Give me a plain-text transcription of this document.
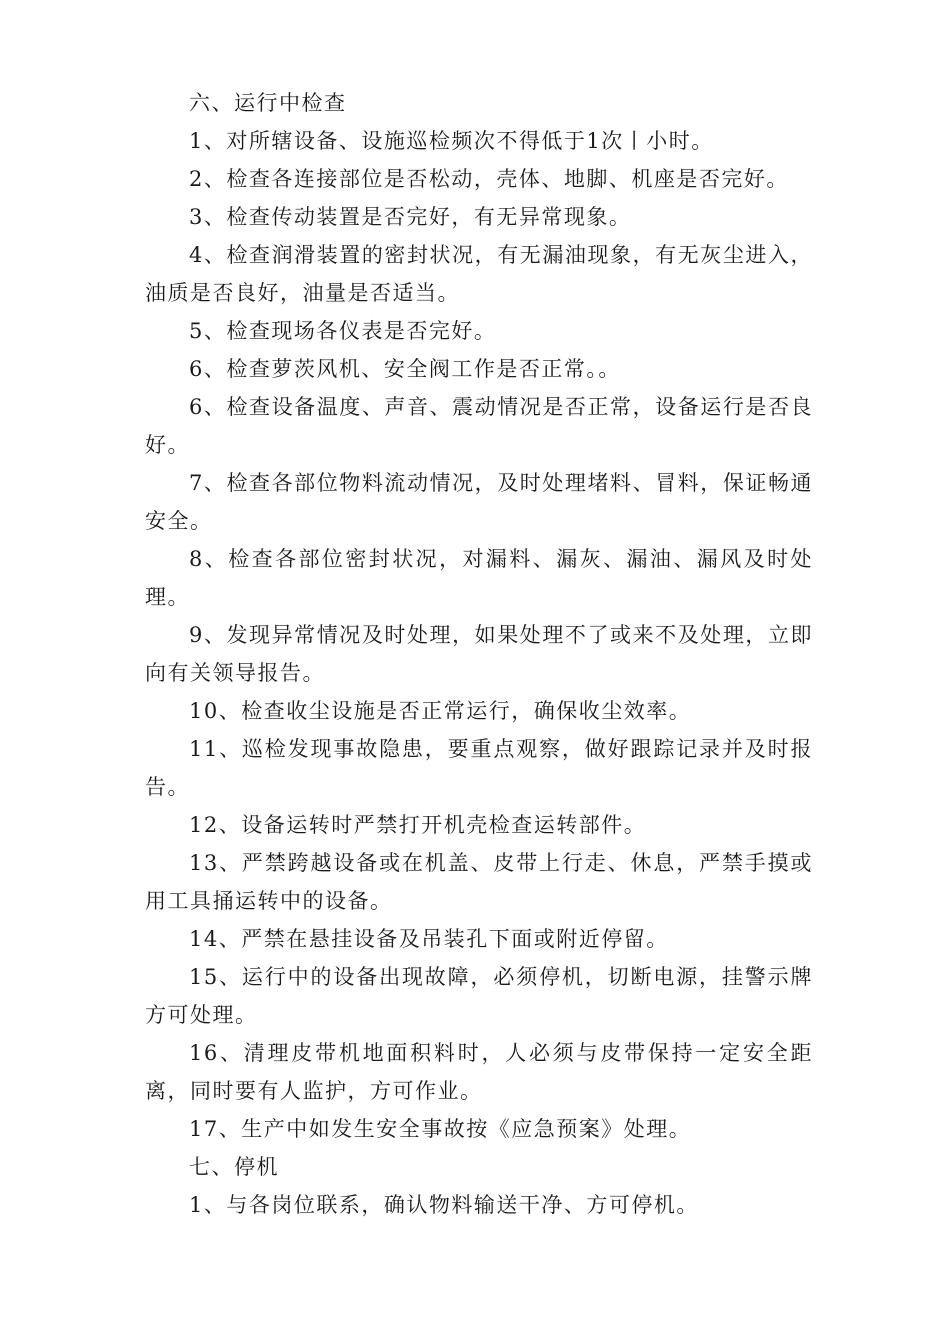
六、运行中检查

1、对所辖设备、设施巡检频次不得低于1次丨小时。

2、检查各连接部位是否松动，壳体、地脚、机座是否完好。

3、检查传动装置是否完好，有无异常现象。

4、检查润滑装置的密封状况，有无漏油现象，有无灰尘进入，油质是否良好，油量是否适当。

5、检查现场各仪表是否完好。

6、检查萝茨风机、安全阀工作是否正常。。

6、检查设备温度、声音、震动情况是否正常，设备运行是否良好。

7、检查各部位物料流动情况，及时处理堵料、冒料，保证畅通安全。

8、检查各部位密封状况，对漏料、漏灰、漏油、漏风及时处理。

9、发现异常情况及时处理，如果处理不了或来不及处理，立即向有关领导报告。

10、检查收尘设施是否正常运行，确保收尘效率。

11、巡检发现事故隐患，要重点观察，做好跟踪记录并及时报告。

12、设备运转时严禁打开机壳检查运转部件。

13、严禁跨越设备或在机盖、皮带上行走、休息，严禁手摸或用工具捅运转中的设备。

14、严禁在悬挂设备及吊装孔下面或附近停留。

15、运行中的设备出现故障，必须停机，切断电源，挂警示牌方可处理。

16、清理皮带机地面积料时，人必须与皮带保持一定安全距离，同时要有人监护，方可作业。

17、生产中如发生安全事故按《应急预案》处理。

七、停机

1、与各岗位联系，确认物料输送干净、方可停机。
